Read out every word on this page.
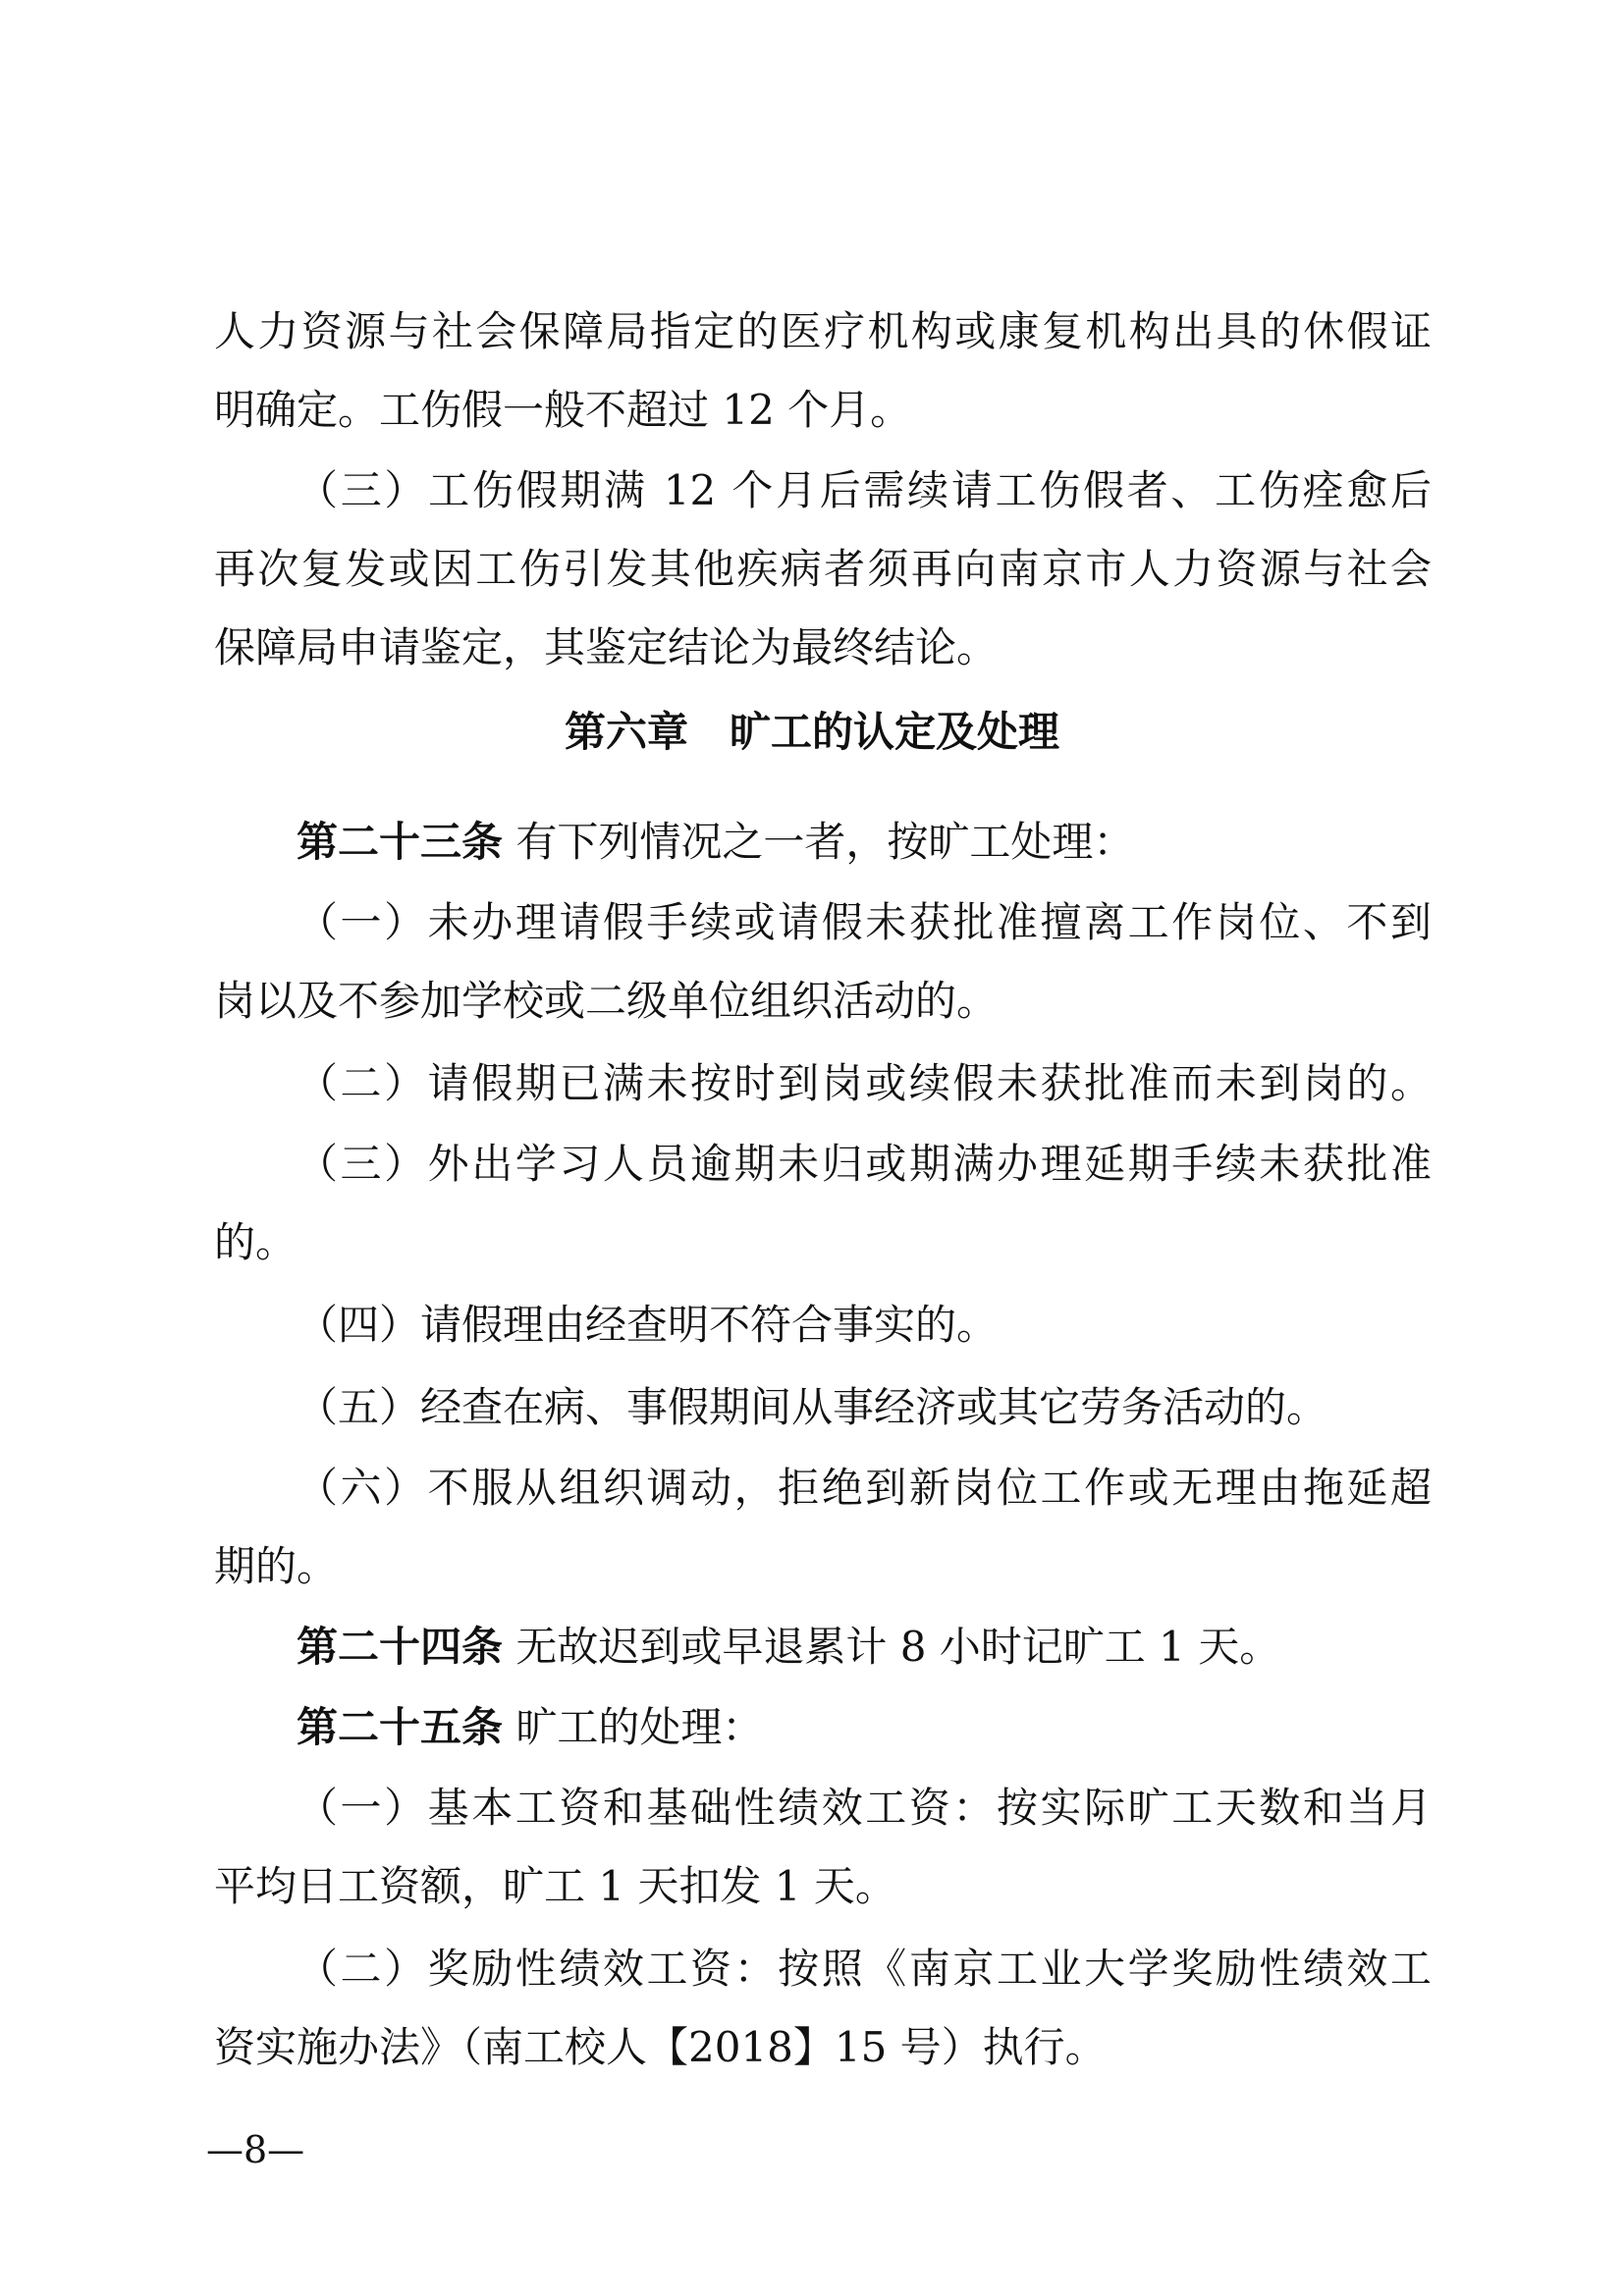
人力资源与社会保障局指定的医疗机构或康复机构出具的休假证
明确定。工伤假一般不超过 12 个月。
（三）工伤假期满 12 个月后需续请工伤假者、工伤痊愈后
再次复发或因工伤引发其他疾病者须再向南京市人力资源与社会
保障局申请鉴定，其鉴定结论为最终结论。
第六章　旷工的认定及处理
第二十三条 有下列情况之一者，按旷工处理：
（一）未办理请假手续或请假未获批准擅离工作岗位、不到
岗以及不参加学校或二级单位组织活动的。
（二）请假期已满未按时到岗或续假未获批准而未到岗的。
（三）外出学习人员逾期未归或期满办理延期手续未获批准
的。
（四）请假理由经查明不符合事实的。
（五）经查在病、事假期间从事经济或其它劳务活动的。
（六）不服从组织调动，拒绝到新岗位工作或无理由拖延超
期的。
第二十四条 无故迟到或早退累计 8 小时记旷工 1 天。
第二十五条 旷工的处理：
（一）基本工资和基础性绩效工资：按实际旷工天数和当月
平均日工资额，旷工 1 天扣发 1 天。
（二）奖励性绩效工资：按照《南京工业大学奖励性绩效工
资实施办法》（南工校人【2018】15 号）执行。
—8—
